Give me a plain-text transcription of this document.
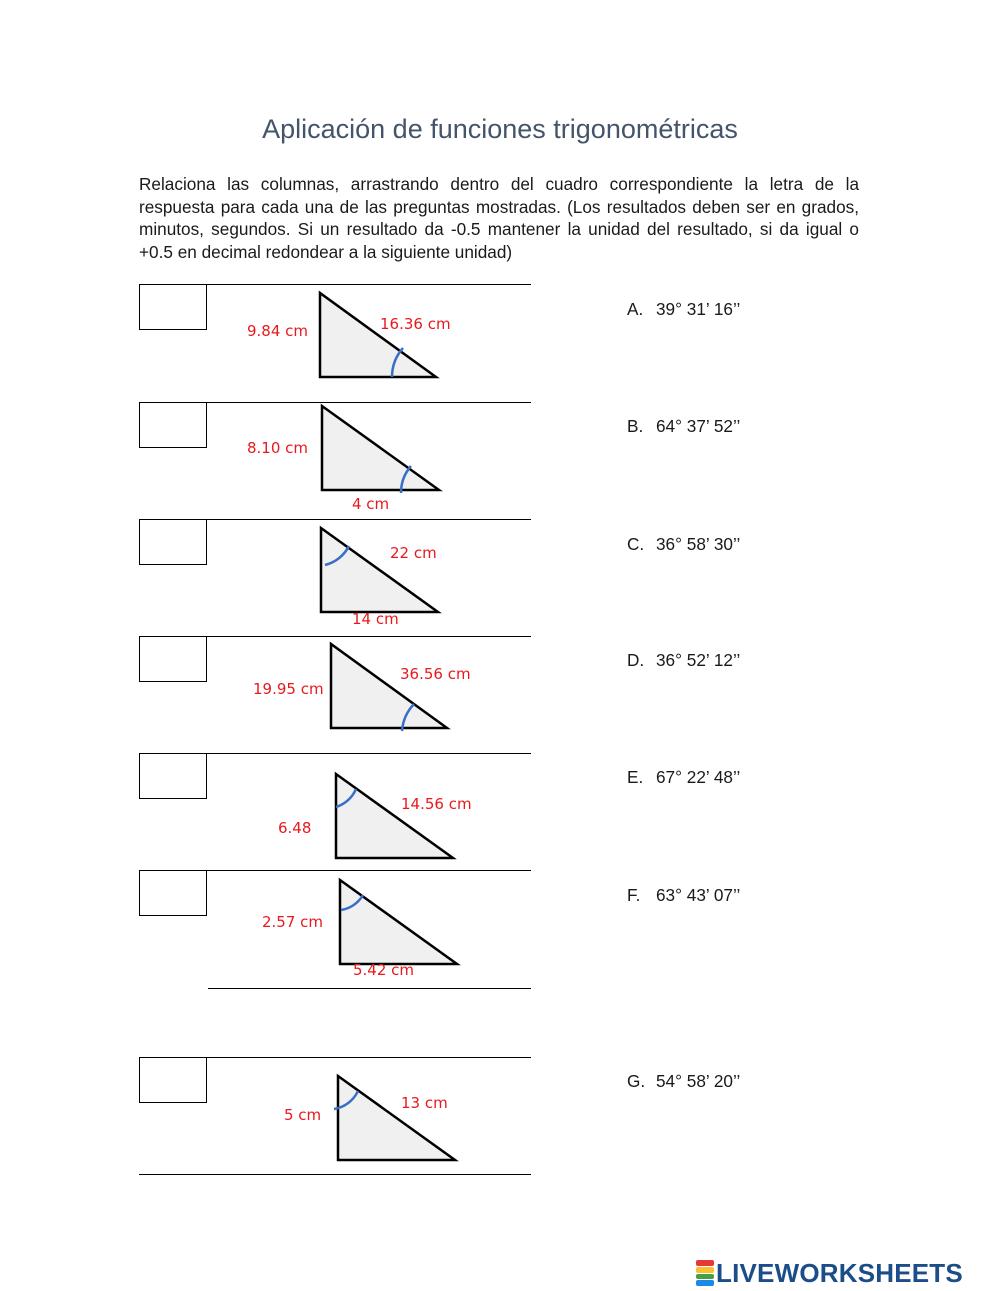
Aplicación de funciones trigonométricas
Relaciona las columnas, arrastrando dentro del cuadro correspondiente la letra de la respuesta para cada una de las preguntas mostradas. (Los resultados deben ser en grados, minutos, segundos. Si un resultado da -0.5 mantener la unidad del resultado, si da igual o +0.5 en decimal redondear a la siguiente unidad)
9.84 cm	16.36 cm
8.10 cm
4 cm
22 cm
14 cm
19.95 cm
36.56 cm
14.56 cm
6.48
2.57 cm
5.42 cm
13 cm
5 cm
A. 39° 31’ 16’’
B. 64° 37’ 52’’
C. 36° 58’ 30’’
D. 36° 52’ 12’’
E. 67° 22’ 48’’
F. 63° 43’ 07’’
G. 54° 58’ 20’’
LIVEWORKSHEETS
